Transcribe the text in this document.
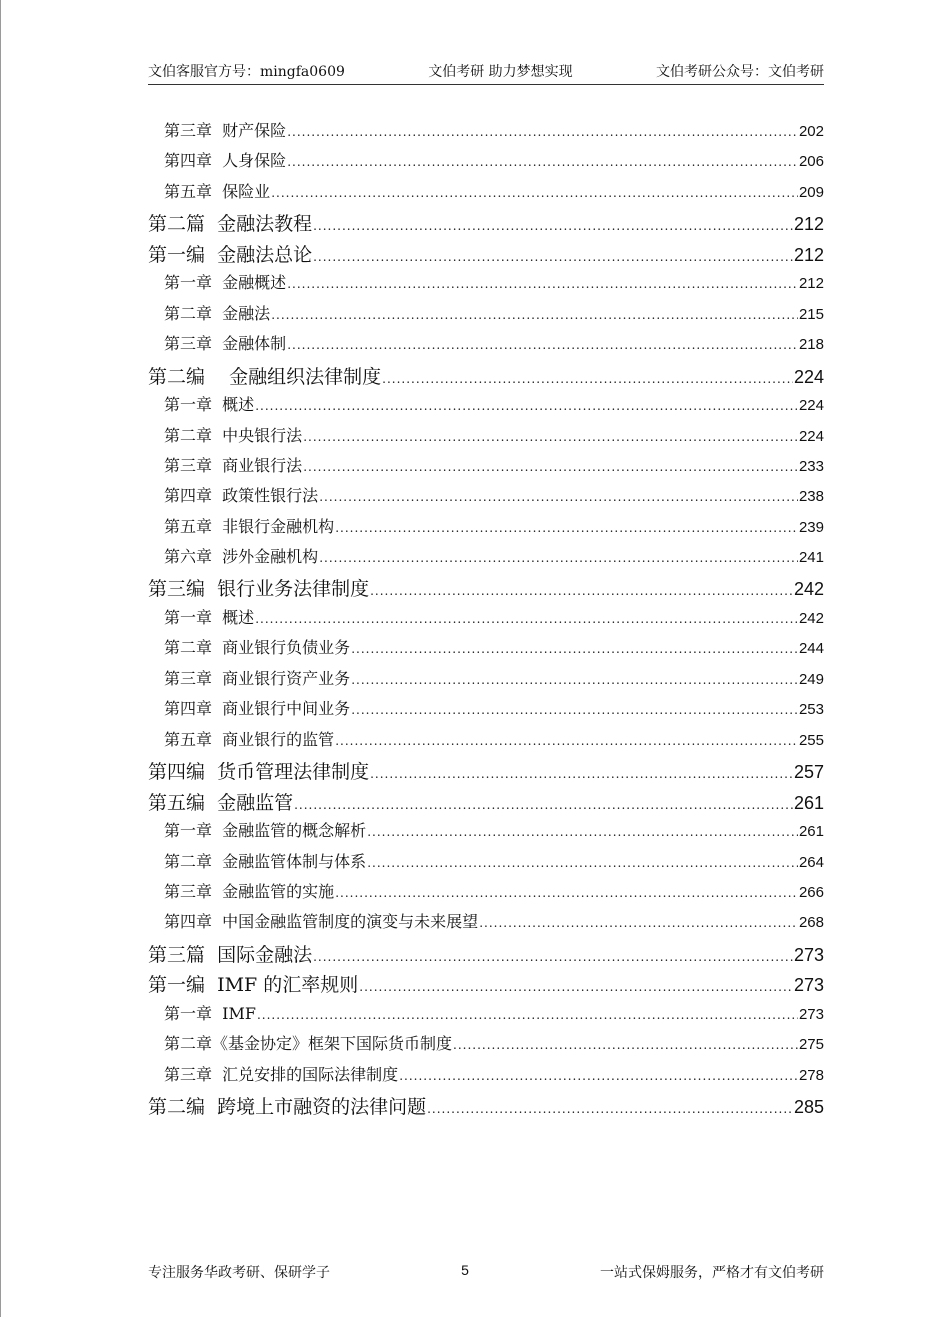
文伯客服官方号：mingfa0609	文伯考研 助力梦想实现	文伯考研公众号：文伯考研
第三章  财产保险 .....	202
第四章  人身保险 .....	206
第五章  保险业 .....	209
第二篇  金融法教程 .....	212
第一编  金融法总论 .....	212
第一章  金融概述 .....	212
第二章  金融法 .....	215
第三章  金融体制 .....	218
第二编    金融组织法律制度 .....	224
第一章  概述 .....	224
第二章  中央银行法 .....	224
第三章  商业银行法 .....	233
第四章  政策性银行法 .....	238
第五章  非银行金融机构 .....	239
第六章  涉外金融机构 .....	241
第三编  银行业务法律制度 .....	242
第一章  概述 .....	242
第二章  商业银行负债业务 .....	244
第三章  商业银行资产业务 .....	249
第四章  商业银行中间业务 .....	253
第五章  商业银行的监管 .....	255
第四编  货币管理法律制度 .....	257
第五编  金融监管 .....	261
第一章  金融监管的概念解析 .....	261
第二章  金融监管体制与体系 .....	264
第三章  金融监管的实施 .....	266
第四章  中国金融监管制度的演变与未来展望 .....	268
第三篇  国际金融法 .....	273
第一编  IMF 的汇率规则 .....	273
第一章  IMF .....	273
第二章《基金协定》框架下国际货币制度 .....	275
第三章  汇兑安排的国际法律制度 .....	278
第二编  跨境上市融资的法律问题 .....	285
专注服务华政考研、保研学子	5	一站式保姆服务，严格才有文伯考研
